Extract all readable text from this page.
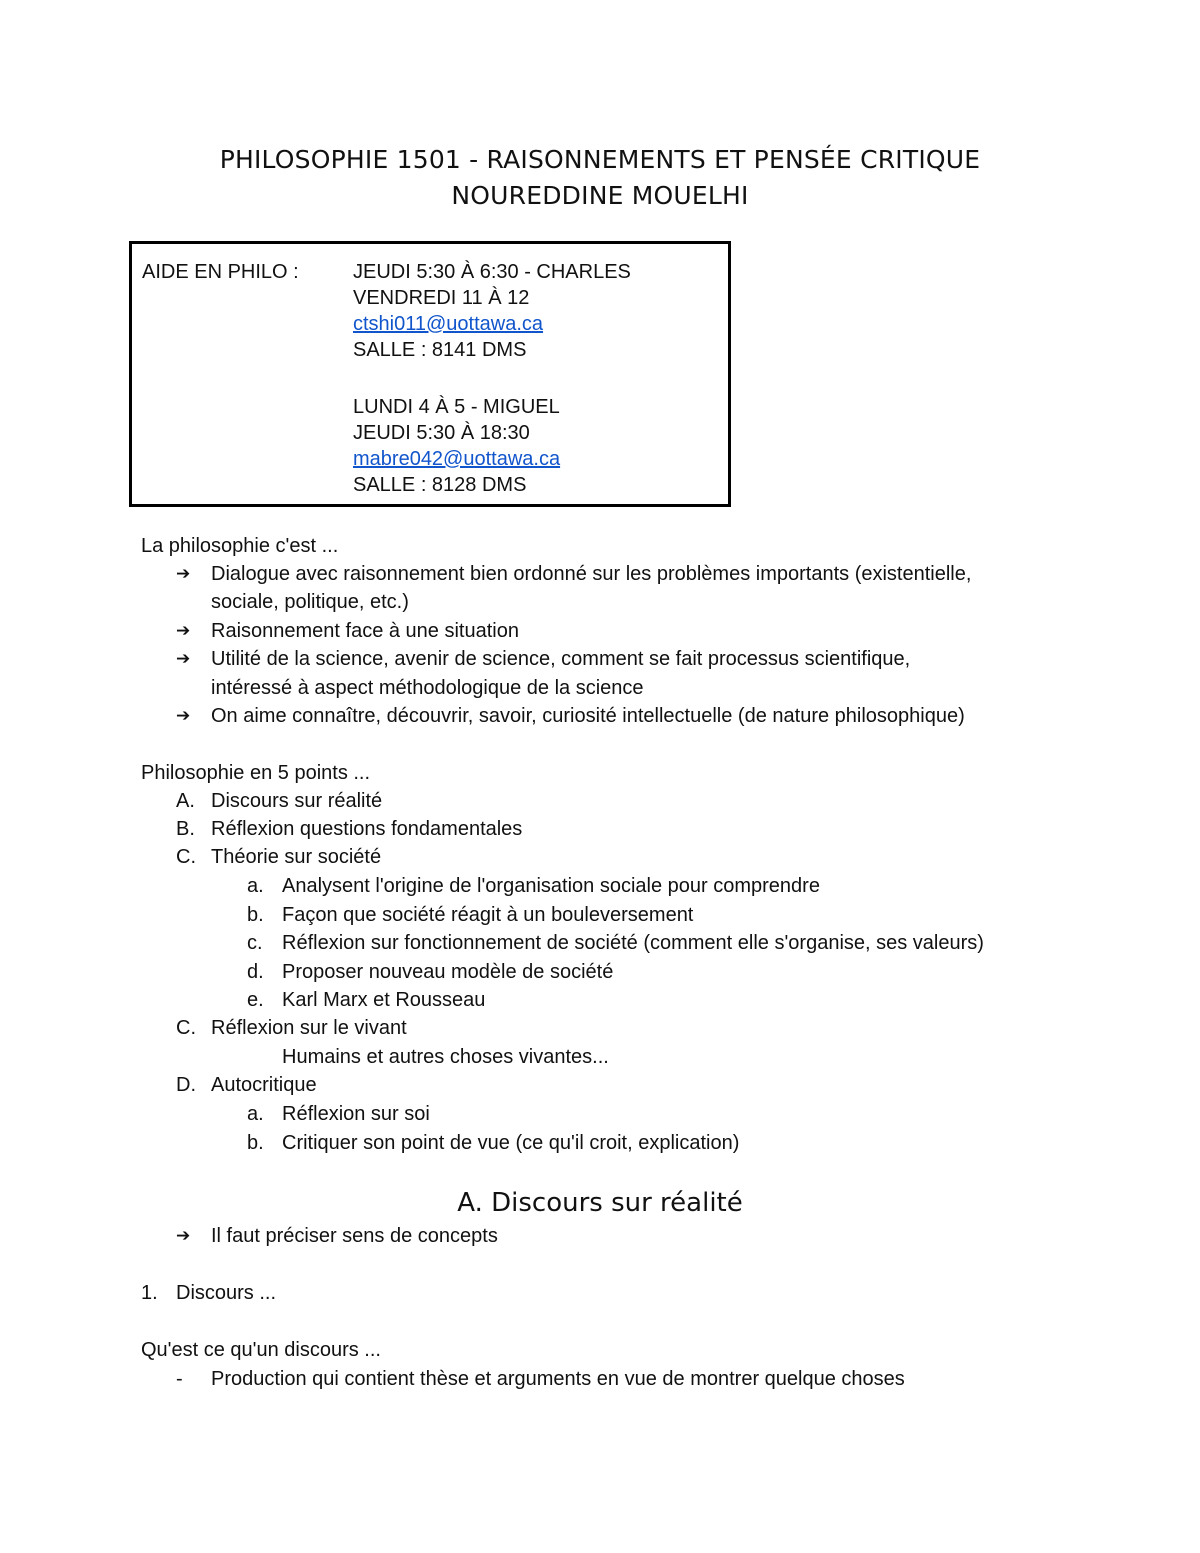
PHILOSOPHIE 1501 - RAISONNEMENTS ET PENSÉE CRITIQUE
NOUREDDINE MOUELHI
AIDE EN PHILO :	JEUDI 5:30 À 6:30 - CHARLES
VENDREDI 11 À 12
ctshi011@uottawa.ca
SALLE : 8141 DMS
LUNDI 4 À 5 - MIGUEL
JEUDI 5:30 À 18:30
mabre042@uottawa.ca
SALLE : 8128 DMS
La philosophie c'est ...
➔ Dialogue avec raisonnement bien ordonné sur les problèmes importants (existentielle,
sociale, politique, etc.)
➔ Raisonnement face à une situation
➔ Utilité de la science, avenir de science, comment se fait processus scientifique,
intéressé à aspect méthodologique de la science
➔ On aime connaître, découvrir, savoir, curiosité intellectuelle (de nature philosophique)
Philosophie en 5 points ...
A. Discours sur réalité
B. Réflexion questions fondamentales
C. Théorie sur société
a. Analysent l'origine de l'organisation sociale pour comprendre
b. Façon que société réagit à un bouleversement
c. Réflexion sur fonctionnement de société (comment elle s'organise, ses valeurs)
d. Proposer nouveau modèle de société
e. Karl Marx et Rousseau
C. Réflexion sur le vivant
Humains et autres choses vivantes...
D. Autocritique
a. Réflexion sur soi
b. Critiquer son point de vue (ce qu'il croit, explication)
A. Discours sur réalité
➔ Il faut préciser sens de concepts
1. Discours ...
Qu'est ce qu'un discours ...
- Production qui contient thèse et arguments en vue de montrer quelque choses
